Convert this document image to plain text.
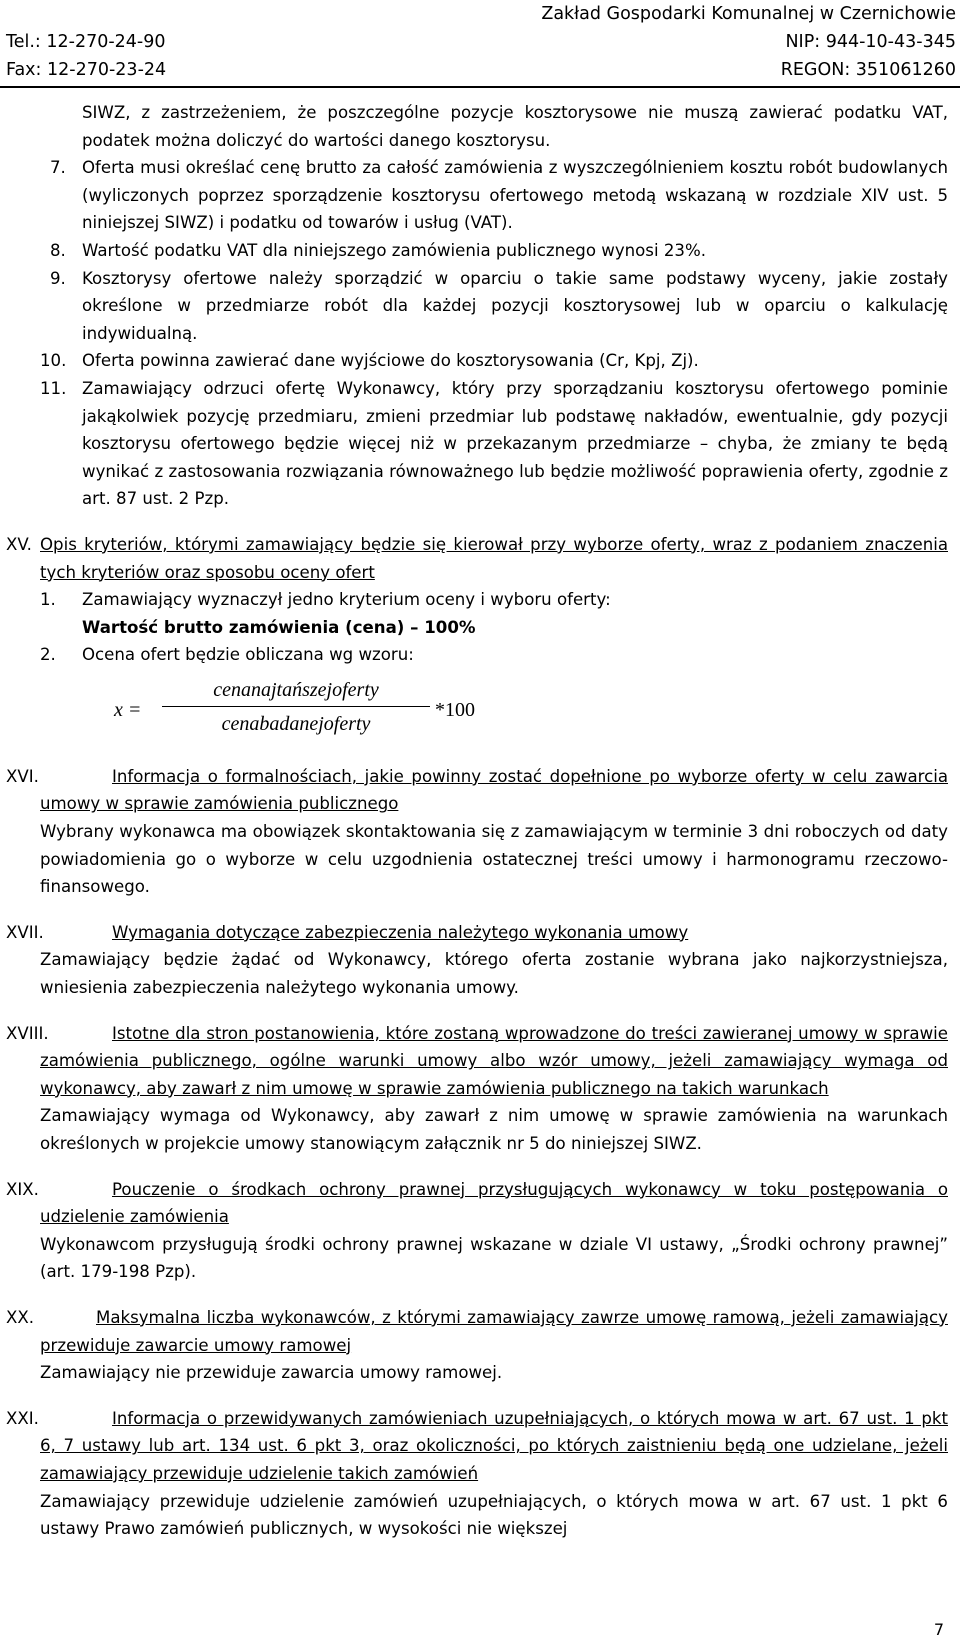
Zakład Gospodarki Komunalnej w Czernichowie
Tel.: 12-270-24-90	NIP: 944-10-43-345
Fax: 12-270-23-24	REGON: 351061260
SIWZ, z zastrzeżeniem, że poszczególne pozycje kosztorysowe nie muszą zawierać podatku VAT, podatek można doliczyć do wartości danego kosztorysu.
7. Oferta musi określać cenę brutto za całość zamówienia z wyszczególnieniem kosztu robót budowlanych (wyliczonych poprzez sporządzenie kosztorysu ofertowego metodą wskazaną w rozdziale XIV ust. 5 niniejszej SIWZ) i podatku od towarów i usług (VAT).
8. Wartość podatku VAT dla niniejszego zamówienia publicznego wynosi 23%.
9. Kosztorysy ofertowe należy sporządzić w oparciu o takie same podstawy wyceny, jakie zostały określone w przedmiarze robót dla każdej pozycji kosztorysowej lub w oparciu o kalkulację indywidualną.
10. Oferta powinna zawierać dane wyjściowe do kosztorysowania (Cr, Kpj, Zj).
11. Zamawiający odrzuci ofertę Wykonawcy, który przy sporządzaniu kosztorysu ofertowego pominie jakąkolwiek pozycję przedmiaru, zmieni przedmiar lub podstawę nakładów, ewentualnie, gdy pozycji kosztorysu ofertowego będzie więcej niż w przekazanym przedmiarze – chyba, że zmiany te będą wynikać z zastosowania rozwiązania równoważnego lub będzie możliwość poprawienia oferty, zgodnie z art. 87 ust. 2 Pzp.
XV. Opis kryteriów, którymi zamawiający będzie się kierował przy wyborze oferty, wraz z podaniem znaczenia tych kryteriów oraz sposobu oceny ofert
1. Zamawiający wyznaczył jedno kryterium oceny i wyboru oferty:
Wartość brutto zamówienia (cena) – 100%
2. Ocena ofert będzie obliczana wg wzoru:
x =
cenanajtańszejoferty
cenabadanejoferty
*100
XVI.	Informacja o formalnościach, jakie powinny zostać dopełnione po wyborze oferty w celu zawarcia umowy w sprawie zamówienia publicznego
Wybrany wykonawca ma obowiązek skontaktowania się z zamawiającym w terminie 3 dni roboczych od daty powiadomienia go o wyborze w celu uzgodnienia ostatecznej treści umowy i harmonogramu rzeczowo-finansowego.
XVII.	Wymagania dotyczące zabezpieczenia należytego wykonania umowy
Zamawiający będzie żądać od Wykonawcy, którego oferta zostanie wybrana jako najkorzystniejsza, wniesienia zabezpieczenia należytego wykonania umowy.
XVIII.	Istotne dla stron postanowienia, które zostaną wprowadzone do treści zawieranej umowy w sprawie zamówienia publicznego, ogólne warunki umowy albo wzór umowy, jeżeli zamawiający wymaga od wykonawcy, aby zawarł z nim umowę w sprawie zamówienia publicznego na takich warunkach
Zamawiający wymaga od Wykonawcy, aby zawarł z nim umowę w sprawie zamówienia na warunkach określonych w projekcie umowy stanowiącym załącznik nr 5 do niniejszej SIWZ.
XIX.	Pouczenie o środkach ochrony prawnej przysługujących wykonawcy w toku postępowania o udzielenie zamówienia
Wykonawcom przysługują środki ochrony prawnej wskazane w dziale VI ustawy, „Środki ochrony prawnej” (art. 179-198 Pzp).
XX.	Maksymalna liczba wykonawców, z którymi zamawiający zawrze umowę ramową, jeżeli zamawiający przewiduje zawarcie umowy ramowej
Zamawiający nie przewiduje zawarcia umowy ramowej.
XXI.	Informacja o przewidywanych zamówieniach uzupełniających, o których mowa w art. 67 ust. 1 pkt 6, 7 ustawy lub art. 134 ust. 6 pkt 3, oraz okoliczności, po których zaistnieniu będą one udzielane, jeżeli zamawiający przewiduje udzielenie takich zamówień
Zamawiający przewiduje udzielenie zamówień uzupełniających, o których mowa w art. 67 ust. 1 pkt 6 ustawy Prawo zamówień publicznych, w wysokości nie większej
7
